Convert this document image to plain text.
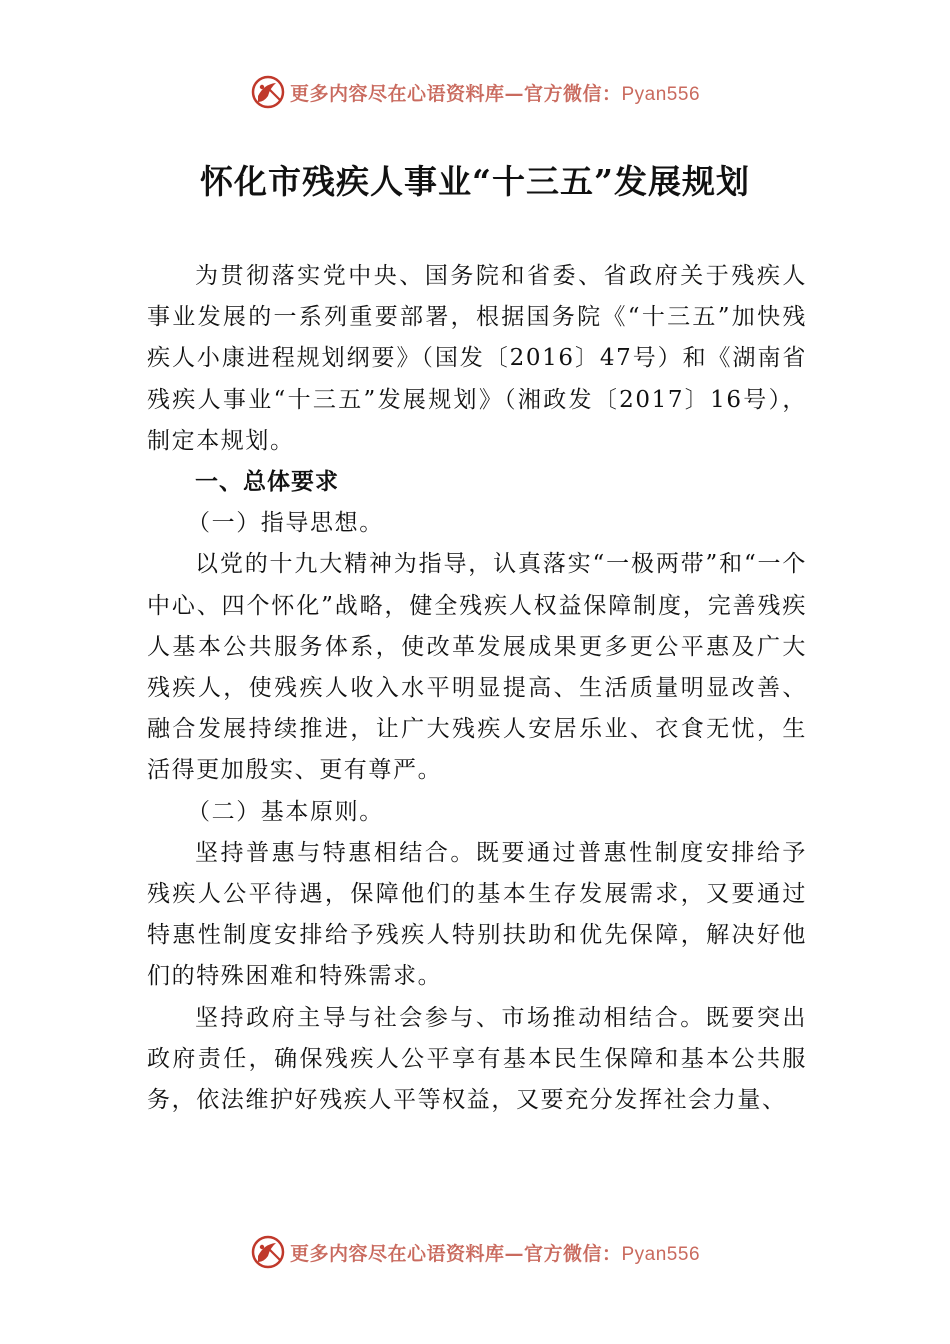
更多内容尽在心语资料库—官方微信：Pyan556
怀化市残疾人事业“十三五”发展规划

为贯彻落实党中央、国务院和省委、省政府关于残疾人事业发展的一系列重要部署，根据国务院《“十三五”加快残疾人小康进程规划纲要》（国发〔2016〕47号）和《湖南省残疾人事业“十三五”发展规划》（湘政发〔2017〕16号），制定本规划。

一、总体要求

（一）指导思想。

以党的十九大精神为指导，认真落实“一极两带”和“一个中心、四个怀化”战略，健全残疾人权益保障制度，完善残疾人基本公共服务体系，使改革发展成果更多更公平惠及广大残疾人，使残疾人收入水平明显提高、生活质量明显改善、融合发展持续推进，让广大残疾人安居乐业、衣食无忧，生活得更加殷实、更有尊严。

（二）基本原则。

坚持普惠与特惠相结合。既要通过普惠性制度安排给予残疾人公平待遇，保障他们的基本生存发展需求，又要通过特惠性制度安排给予残疾人特别扶助和优先保障，解决好他们的特殊困难和特殊需求。

坚持政府主导与社会参与、市场推动相结合。既要突出政府责任，确保残疾人公平享有基本民生保障和基本公共服务，依法维护好残疾人平等权益，又要充分发挥社会力量、

更多内容尽在心语资料库—官方微信：Pyan556
